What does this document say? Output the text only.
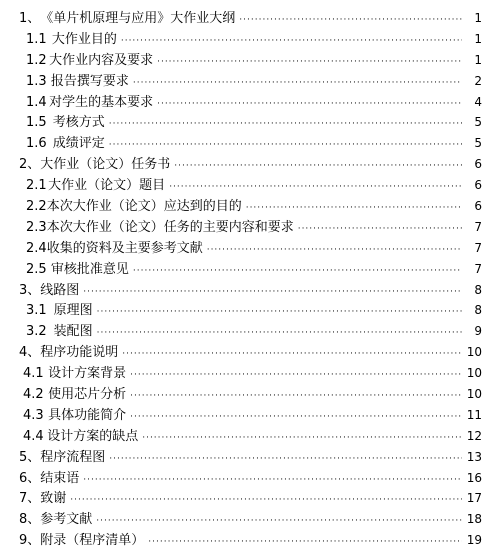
1、 《单片机原理与应用》大作业大纲 ·····	1
1.1 大作业目的 ·····	1
1.2 大作业内容及要求 ·····	1
1.3 报告撰写要求 ·····	2
1.4 对学生的基本要求 ·····	4
1.5 考核方式 ·····	5
1.6 成绩评定 ·····	5
2、 大作业（论文）任务书 ·····	6
2.1 大作业（论文）题目 ·····	6
2.2 本次大作业（论文）应达到的目的 ·····	6
2.3 本次大作业（论文）任务的主要内容和要求 ·····	7
2.4 收集的资料及主要参考文献 ·····	7
2.5 审核批准意见 ·····	7
3、 线路图 ·····	8
3.1 原理图 ·····	8
3.2 装配图 ·····	9
4、 程序功能说明 ·····	10
4.1 设计方案背景 ·····	10
4.2 使用芯片分析 ·····	10
4.3 具体功能简介 ·····	11
4.4 设计方案的缺点 ·····	12
5、 程序流程图 ·····	13
6、 结束语 ·····	16
7、 致谢 ·····	17
8、 参考文献 ·····	18
9、 附录（程序清单） ·····	19
